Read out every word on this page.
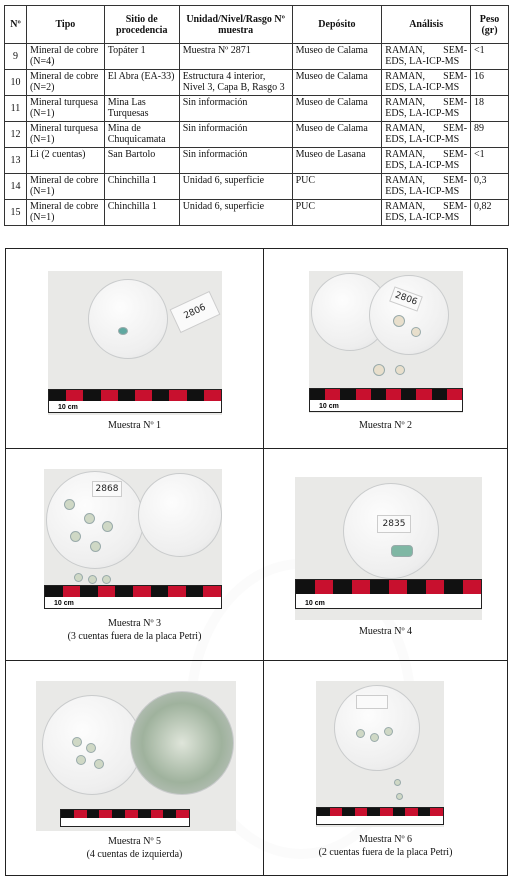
Nº	Tipo	Sitio de procedencia	Unidad/Nivel/Rasgo Nº muestra	Depósito	Análisis	Peso (gr)
9	Mineral de cobre (N=4)	Topáter 1	Muestra Nº 2871	Museo de Calama	RAMAN, SEM-EDS, LA-ICP-MS	<1
10	Mineral de cobre (N=2)	El Abra (EA-33)	Estructura 4 interior, Nivel 3, Capa B, Rasgo 3	Museo de Calama	RAMAN, SEM-EDS, LA-ICP-MS	16
11	Mineral turquesa (N=1)	Mina Las Turquesas	Sin información	Museo de Calama	RAMAN, SEM-EDS, LA-ICP-MS	18
12	Mineral turquesa (N=1)	Mina de Chuquicamata	Sin información	Museo de Calama	RAMAN, SEM-EDS, LA-ICP-MS	89
13	Li (2 cuentas)	San Bartolo	Sin información	Museo de Lasana	RAMAN, SEM-EDS, LA-ICP-MS	<1
14	Mineral de cobre (N=1)	Chinchilla 1	Unidad 6, superficie	PUC	RAMAN, SEM-EDS, LA-ICP-MS	0,3
15	Mineral de cobre (N=1)	Chinchilla 1	Unidad 6, superficie	PUC	RAMAN, SEM-EDS, LA-ICP-MS	0,82
2806
10 cm	▲
Muestra Nº 1
2806
10 cm	▲
Muestra Nº 2
2868
10 cm	▲
Muestra Nº 3
(3 cuentas fuera de la placa Petri)
2835
10 cm	▲
Muestra Nº 4
Muestra Nº 5
(4 cuentas de izquierda)
Muestra Nº 6
(2 cuentas fuera de la placa Petri)
